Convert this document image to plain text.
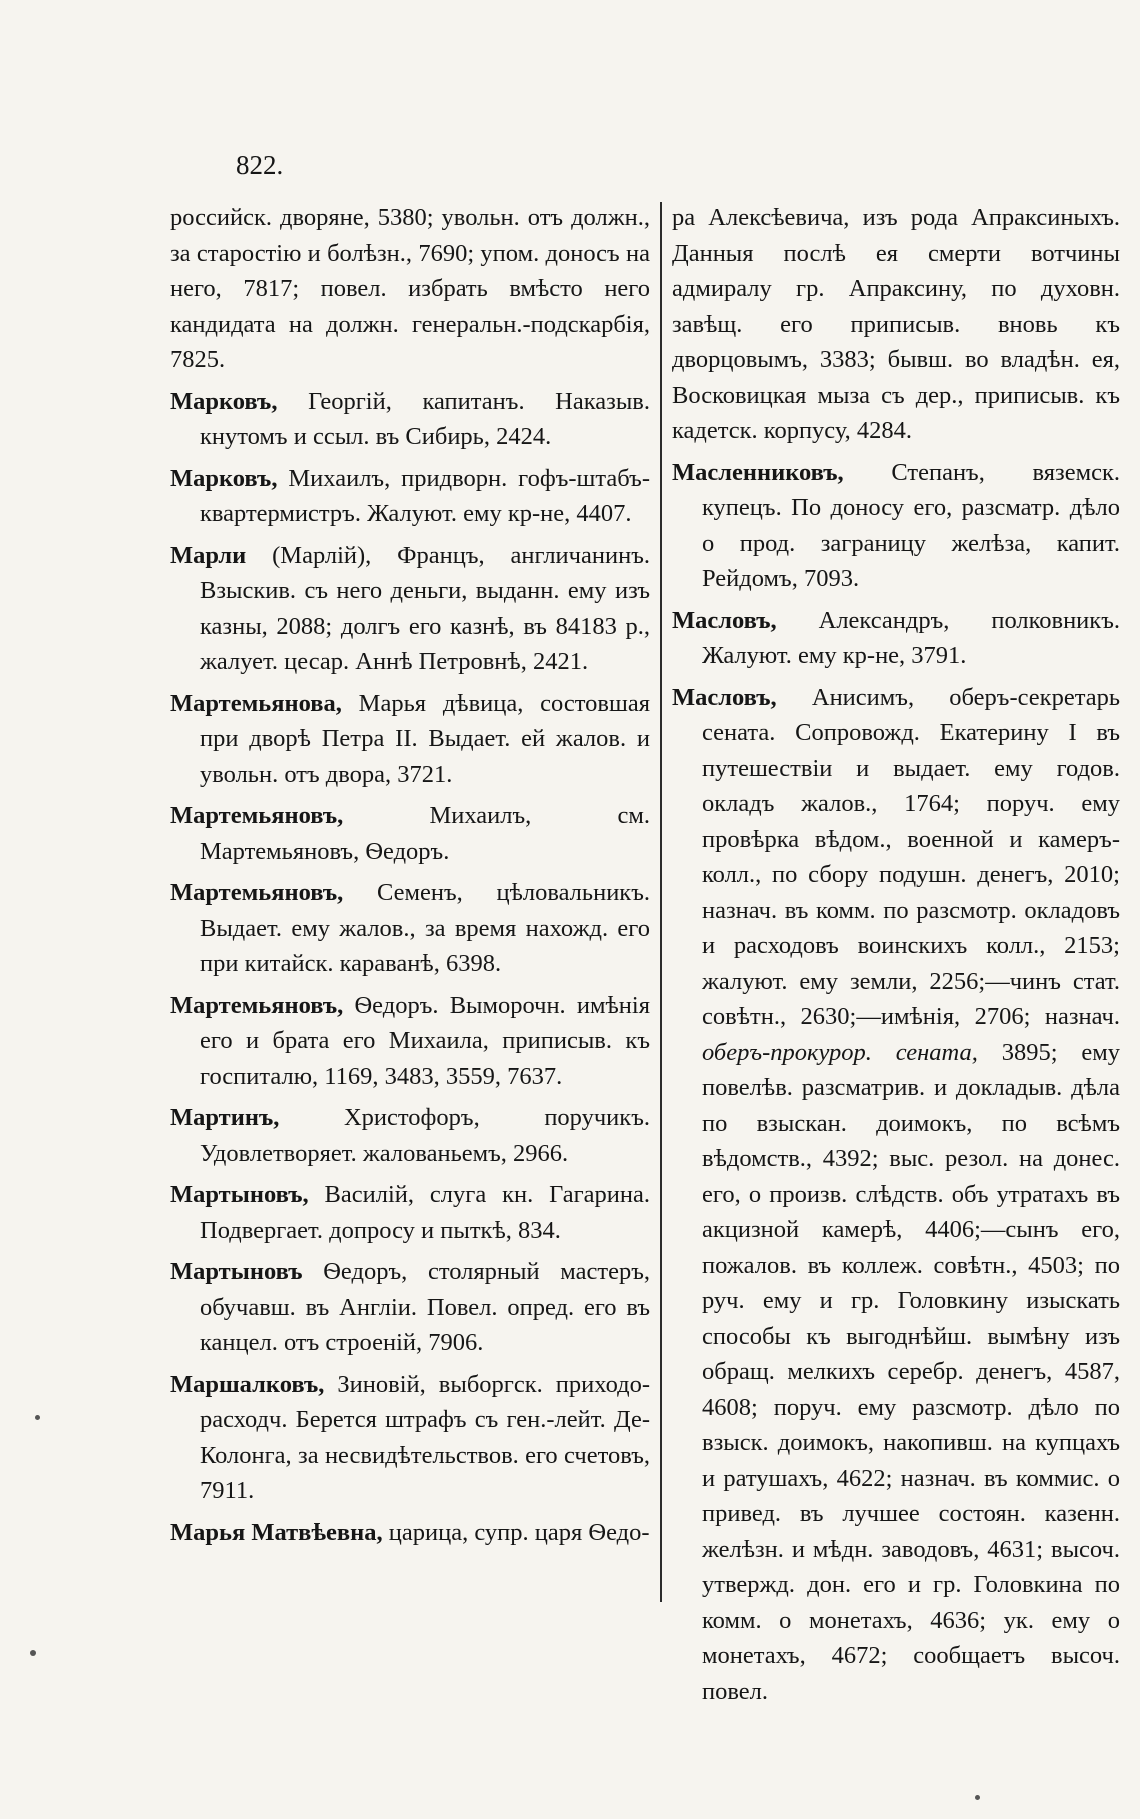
822.

российск. дворяне, 5380; увольн. отъ должн., за старостію и болѣзн., 7690; упом. доносъ на него, 7817; повел. избрать вмѣсто него кандидата на должн. генеральн.-подскарбія, 7825.

Марковъ, Георгій, капитанъ. Наказыв. кнутомъ и ссыл. въ Сибирь, 2424.

Марковъ, Михаилъ, придворн. гофъ-штабъ-квартермистръ. Жалуют. ему кр-не, 4407.

Марли (Марлій), Францъ, англичанинъ. Взыскив. съ него деньги, выданн. ему изъ казны, 2088; долгъ его казнѣ, въ 84183 р., жалует. цесар. Аннѣ Петровнѣ, 2421.

Мартемьянова, Марья дѣвица, состовшая при дворѣ Петра II. Выдает. ей жалов. и увольн. отъ двора, 3721.

Мартемьяновъ, Михаилъ, см. Мартемьяновъ, Ѳедоръ.

Мартемьяновъ, Семенъ, цѣловальникъ. Выдает. ему жалов., за время нахожд. его при китайск. караванѣ, 6398.

Мартемьяновъ, Ѳедоръ. Выморочн. имѣнія его и брата его Михаила, приписыв. къ госпиталю, 1169, 3483, 3559, 7637.

Мартинъ, Христофоръ, поручикъ. Удовлетворяет. жалованьемъ, 2966.

Мартыновъ, Василій, слуга кн. Гагарина. Подвергает. допросу и пыткѣ, 834.

Мартыновъ Ѳедоръ, столярный мастеръ, обучавш. въ Англіи. Повел. опред. его въ канцел. отъ строеній, 7906.

Маршалковъ, Зиновій, выборгск. приходо-расходч. Берется штрафъ съ ген.-лейт. Де-Колонга, за несвидѣтельствов. его счетовъ, 7911.

Марья Матвѣевна, царица, супр. царя Ѳедо-

ра Алексѣевича, изъ рода Апраксиныхъ. Данныя послѣ ея смерти вотчины адмиралу гр. Апраксину, по духовн. завѣщ. его приписыв. вновь къ дворцовымъ, 3383; бывш. во владѣн. ея, Восковицкая мыза съ дер., приписыв. къ кадетск. корпусу, 4284.

Масленниковъ, Степанъ, вяземск. купецъ. По доносу его, разсматр. дѣло о прод. заграницу желѣза, капит. Рейдомъ, 7093.

Масловъ, Александръ, полковникъ. Жалуют. ему кр-не, 3791.

Масловъ, Анисимъ, оберъ-секретарь сената. Сопровожд. Екатерину I въ путешествіи и выдает. ему годов. окладъ жалов., 1764; поруч. ему провѣрка вѣдом., военной и камеръ-колл., по сбору подушн. денегъ, 2010; назнач. въ комм. по разсмотр. окладовъ и расходовъ воинскихъ колл., 2153; жалуют. ему земли, 2256;—чинъ стат. совѣтн., 2630;—имѣнія, 2706; назнач. оберъ-прокурор. сената, 3895; ему повелѣв. разсматрив. и докладыв. дѣла по взыскан. доимокъ, по всѣмъ вѣдомств., 4392; выс. резол. на донес. его, о произв. слѣдств. объ утратахъ въ акцизной камерѣ, 4406;—сынъ его, пожалов. въ коллеж. совѣтн., 4503; по руч. ему и гр. Головкину изыскать способы къ выгоднѣйш. вымѣну изъ обращ. мелкихъ серебр. денегъ, 4587, 4608; поруч. ему разсмотр. дѣло по взыск. доимокъ, накопивш. на купцахъ и ратушахъ, 4622; назнач. въ коммис. о привед. въ лучшее состоян. казенн. желѣзн. и мѣдн. заводовъ, 4631; высоч. утвержд. дон. его и гр. Головкина по комм. о монетахъ, 4636; ук. ему о монетахъ, 4672; сообщаетъ высоч. повел.
